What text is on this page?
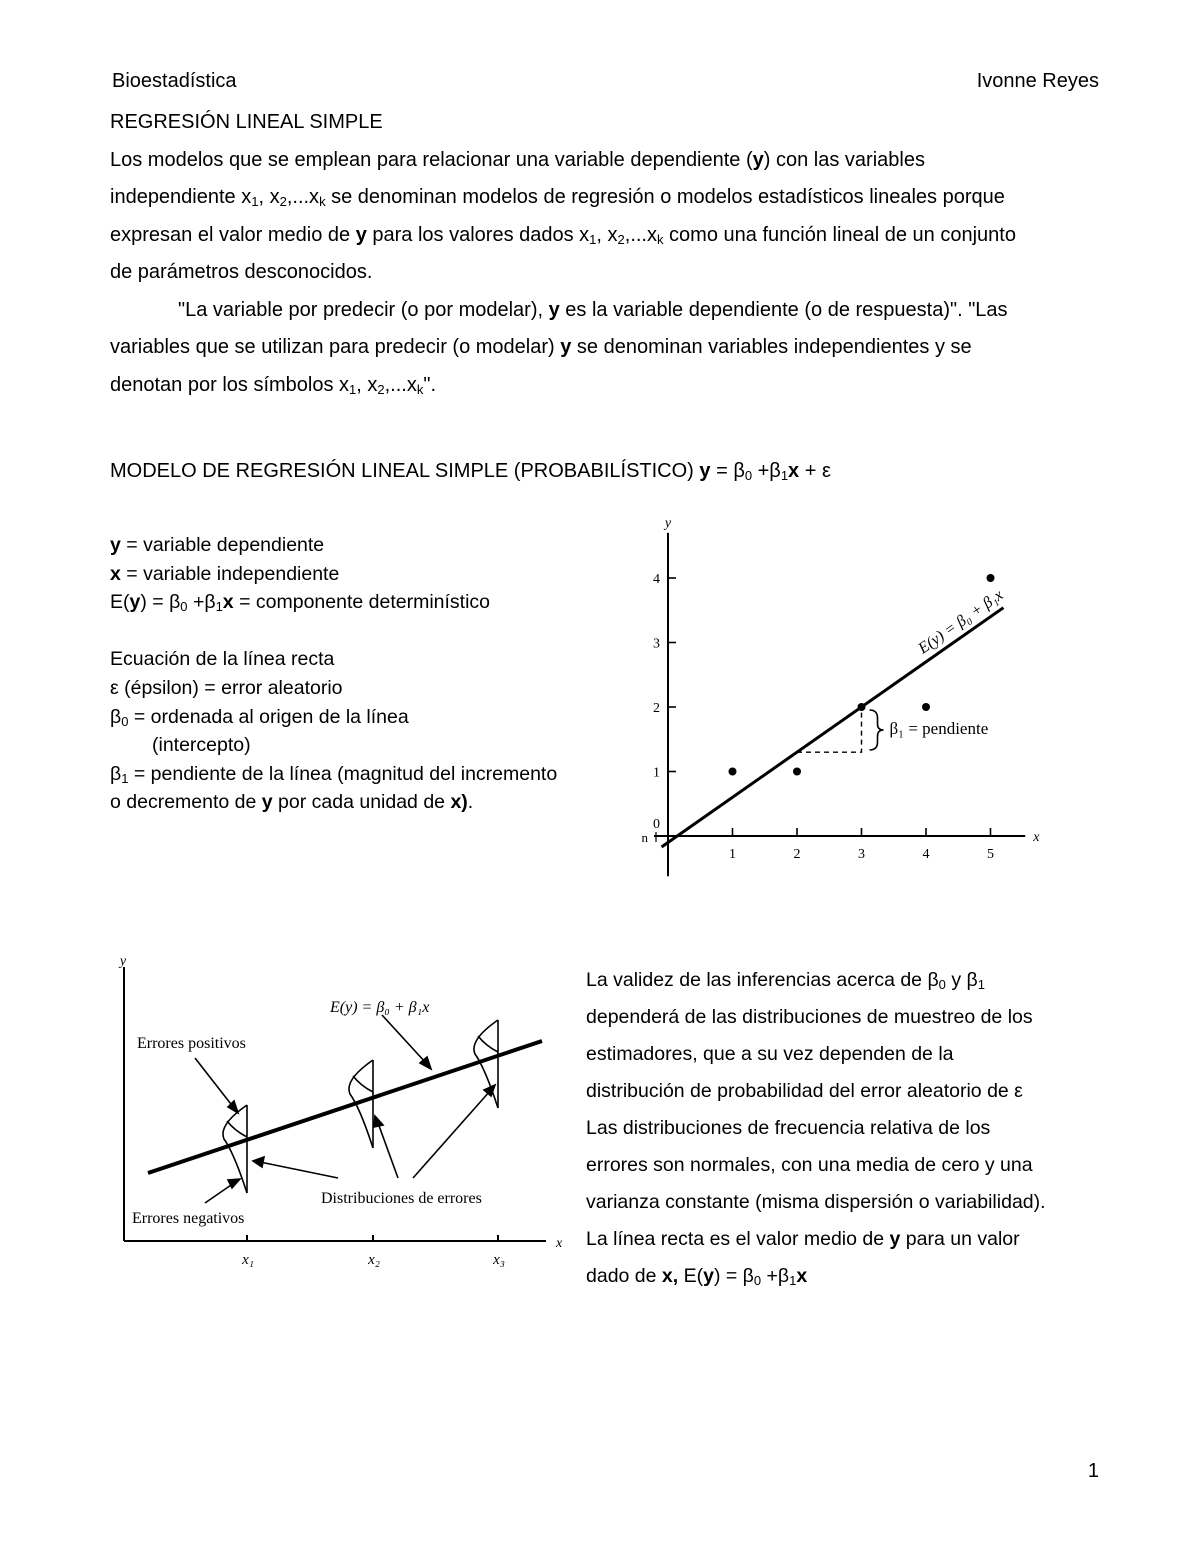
Bioestadística	Ivonne Reyes
REGRESIÓN LINEAL SIMPLE
Los modelos que se emplean para relacionar una variable dependiente (y) con las variables
independiente $x_1$, $x_2,...x_k$ se denominan modelos de regresión o modelos estadísticos lineales porque
expresan el valor medio de y para los valores dados $x_1$, $x_2,...x_k$ como una función lineal de un conjunto
de parámetros desconocidos.
"La variable por predecir (o por modelar), y es la variable dependiente (o de respuesta)". "Las
variables que se utilizan para predecir (o modelar) y se denominan variables independientes y se
denotan por los símbolos $x_1$, $x_2,...x_k$".
MODELO DE REGRESIÓN LINEAL SIMPLE (PROBABILÍSTICO) $y = \beta_0 +\beta_1x + \varepsilon$
y = variable dependiente
x = variable independiente
$E(y) = \beta_0 +\beta_1x$ = componente determinístico
Ecuación de la línea recta
ε (épsilon) = error aleatorio
$\beta_0$ = ordenada al origen de la línea
(intercepto)
$\beta_1$ = pendiente de la línea (magnitud del incremento
o decremento de y por cada unidad de x).
y
x
0
1
2
3
4
1	2	3	4	5
n
E(y) = β₀ + β₁x
β₁ = pendiente
y
x
x₁	x₂	x₃
E(y) = β₀ + β₁x
Errores positivos
Errores negativos
Distribuciones de errores
La validez de las inferencias acerca de $\beta_0$ y $\beta_1$
dependerá de las distribuciones de muestreo de los
estimadores, que a su vez dependen de la
distribución de probabilidad del error aleatorio de ε
Las distribuciones de frecuencia relativa de los
errores son normales, con una media de cero y una
varianza constante (misma dispersión o variabilidad).
La línea recta es el valor medio de y para un valor
dado de x, $E(y) = \beta_0 +\beta_1x$
1
